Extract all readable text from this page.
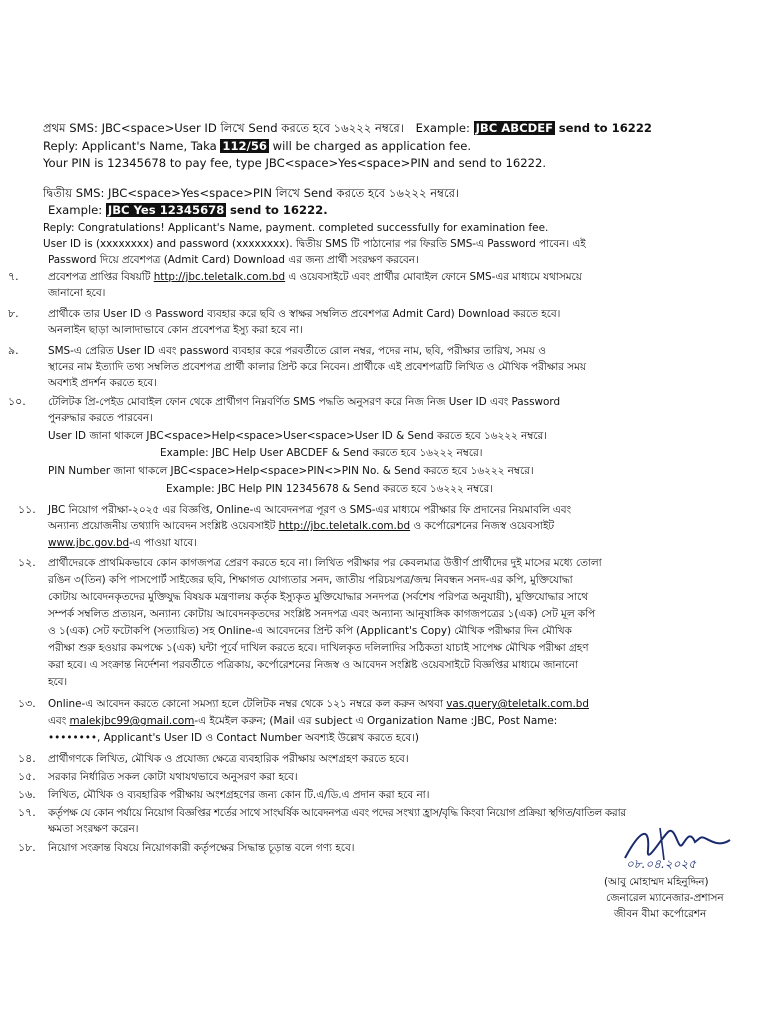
প্রথম SMS: JBC<space>User ID লিখে Send করতে হবে ১৬২২২ নম্বরে। Example: JBC ABCDEF send to 16222
Reply: Applicant's Name, Taka 112/56 will be charged as application fee.
Your PIN is 12345678 to pay fee, type JBC<space>Yes<space>PIN and send to 16222.
দ্বিতীয় SMS: JBC<space>Yes<space>PIN লিখে Send করতে হবে ১৬২২২ নম্বরে।
Example: JBC Yes 12345678 send to 16222.
Reply: Congratulations! Applicant's Name, payment. completed successfully for examination fee.
User ID is (xxxxxxxx) and password (xxxxxxxx). দ্বিতীয় SMS টি পাঠানোর পর ফিরতি SMS-এ Password পাবেন। এই
Password দিয়ে প্রবেশপত্র (Admit Card) Download এর জন্য প্রার্থী সংরক্ষণ করবেন।
৭.	প্রবেশপত্র প্রাপ্তির বিষয়টি http://jbc.teletalk.com.bd এ ওয়েবসাইটে এবং প্রার্থীর মোবাইল ফোনে SMS-এর মাধ্যমে যথাসময়ে
জানানো হবে।
৮.	প্রার্থীকে তার User ID ও Password ব্যবহার করে ছবি ও স্বাক্ষর সম্বলিত প্রবেশপত্র Admit Card) Download করতে হবে।
অনলাইন ছাড়া আলাদাভাবে কোন প্রবেশপত্র ইস্যু করা হবে না।
৯.	SMS-এ প্রেরিত User ID এবং password ব্যবহার করে পরবর্তীতে রোল নম্বর, পদের নাম, ছবি, পরীক্ষার তারিখ, সময় ও
স্থানের নাম ইত্যাদি তথ্য সম্বলিত প্রবেশপত্র প্রার্থী কালার প্রিন্ট করে নিবেন। প্রার্থীকে এই প্রবেশপত্রটি লিখিত ও মৌখিক পরীক্ষার সময়
অবশ্যই প্রদর্শন করতে হবে।
১০. টেলিটক প্রি-পেইড মোবাইল ফোন থেকে প্রার্থীগণ নিম্নবর্ণিত SMS পদ্ধতি অনুসরণ করে নিজ নিজ User ID এবং Password
পুনরুদ্ধার করতে পারবেন।
User ID জানা থাকলে JBC<space>Help<space>User<space>User ID & Send করতে হবে ১৬২২২ নম্বরে।
Example: JBC Help User ABCDEF & Send করতে হবে ১৬২২২ নম্বরে।
PIN Number জানা থাকলে JBC<space>Help<space>PIN<>PIN No. & Send করতে হবে ১৬২২২ নম্বরে।
Example: JBC Help PIN 12345678 & Send করতে হবে ১৬২২২ নম্বরে।
১১. JBC নিয়োগ পরীক্ষা-২০২৫ এর বিজ্ঞপ্তি, Online-এ আবেদনপত্র পূরণ ও SMS-এর মাধ্যমে পরীক্ষার ফি প্রদানের নিয়মাবলি এবং
অন্যান্য প্রয়োজনীয় তথ্যাদি আবেদন সংশ্লিষ্ট ওয়েবসাইট http://jbc.teletalk.com.bd ও কর্পোরেশনের নিজস্ব ওয়েবসাইট
www.jbc.gov.bd-এ পাওয়া যাবে।
১২. প্রার্থীদেরকে প্রাথমিকভাবে কোন কাগজপত্র প্রেরণ করতে হবে না। লিখিত পরীক্ষার পর কেবলমাত্র উত্তীর্ণ প্রার্থীদের দুই মাসের মধ্যে তোলা
রঙিন ৩(তিন) কপি পাসপোর্ট সাইজের ছবি, শিক্ষাগত যোগ্যতার সনদ, জাতীয় পরিচয়পত্র/জন্ম নিবন্ধন সনদ-এর কপি, মুক্তিযোদ্ধা
কোটায় আবেদনকৃতদের মুক্তিযুদ্ধ বিষয়ক মন্ত্রণালয় কর্তৃক ইস্যুকৃত মুক্তিযোদ্ধার সনদপত্র (সর্বশেষ পরিপত্র অনুযায়ী), মুক্তিযোদ্ধার সাথে
সম্পর্ক সম্বলিত প্রত্যয়ন, অন্যান্য কোটায় আবেদনকৃতদের সংশ্লিষ্ট সনদপত্র এবং অন্যান্য আনুষাঙ্গিক কাগজপত্রের ১(এক) সেট মূল কপি
ও ১(এক) সেট ফটোকপি (সত্যায়িত) সহ Online-এ আবেদনের প্রিন্ট কপি (Applicant's Copy) মৌখিক পরীক্ষার দিন মৌখিক
পরীক্ষা শুরু হওয়ার কমপক্ষে ১(এক) ঘন্টা পূর্বে দাখিল করতে হবে। দাখিলকৃত দলিলাদির সঠিকতা যাচাই সাপেক্ষ মৌখিক পরীক্ষা গ্রহণ
করা হবে। এ সংক্রান্ত নির্দেশনা পরবর্তীতে পত্রিকায়, কর্পোরেশনের নিজস্ব ও আবেদন সংশ্লিষ্ট ওয়েবসাইটে বিজ্ঞপ্তির মাধ্যমে জানানো
হবে।
১৩. Online-এ আবেদন করতে কোনো সমস্যা হলে টেলিটক নম্বর থেকে ১২১ নম্বরে কল করুন অথবা vas.query@teletalk.com.bd
এবং malekjbc99@gmail.com-এ ইমেইল করুন; (Mail এর subject এ Organization Name :JBC, Post Name:
••••••••, Applicant's User ID ও Contact Number অবশ্যই উল্লেখ করতে হবে।)
১৪. প্রার্থীগণকে লিখিত, মৌখিক ও প্রযোজ্য ক্ষেত্রে ব্যবহারিক পরীক্ষায় অংশগ্রহণ করতে হবে।
১৫. সরকার নির্ধারিত সকল কোটা যথাযথভাবে অনুসরণ করা হবে।
১৬. লিখিত, মৌখিক ও ব্যবহারিক পরীক্ষায় অংশগ্রহণের জন্য কোন টি.এ/ডি.এ প্রদান করা হবে না।
১৭. কর্তৃপক্ষ যে কোন পর্যায়ে নিয়োগ বিজ্ঞপ্তির শর্তের সাথে সাংঘর্ষিক আবেদনপত্র এবং পদের সংখ্যা হ্রাস/বৃদ্ধি কিংবা নিয়োগ প্রক্রিয়া স্থগিত/বাতিল করার
ক্ষমতা সংরক্ষণ করেন।
১৮. নিয়োগ সংক্রান্ত বিষয়ে নিয়োগকারী কর্তৃপক্ষের সিদ্ধান্ত চূড়ান্ত বলে গণ্য হবে।
০৮.০৪.২০২৫
(আবু মোহাম্মদ মহিনুদ্দিন)
জেনারেল ম্যানেজার-প্রশাসন
জীবন বীমা কর্পোরেশন
